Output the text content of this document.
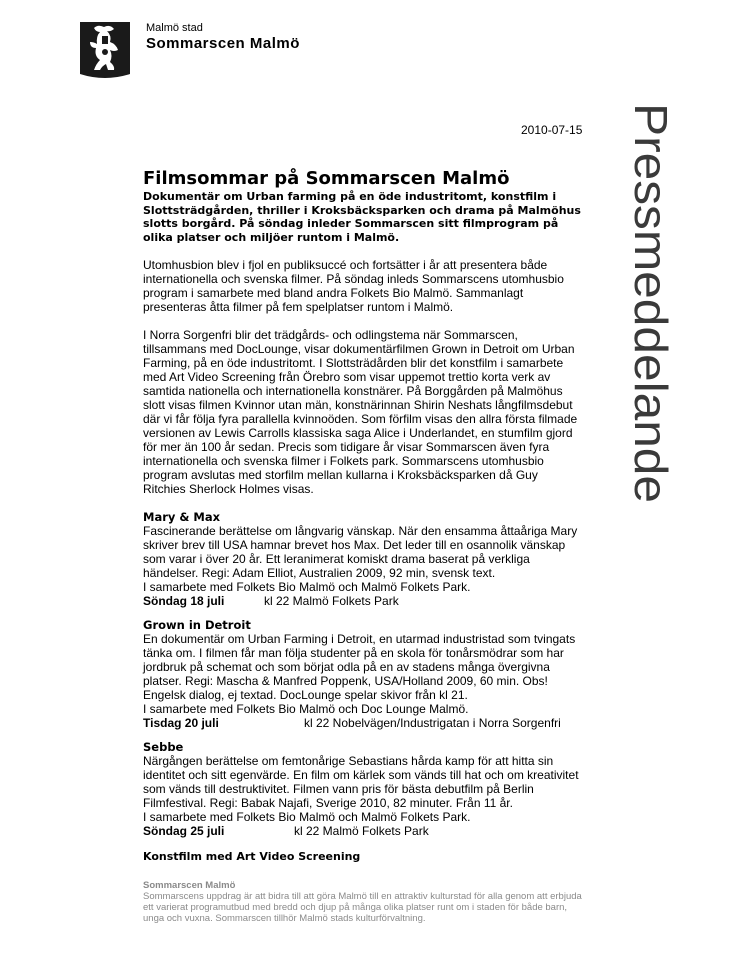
Malmö stad
Sommarscen Malmö
2010-07-15 Pressmeddelande
Filmsommar på Sommarscen Malmö
Dokumentär om Urban farming på en öde industritomt, konstfilm i Slottsträdgården, thriller i Kroksbäcksparken och drama på Malmöhus slotts borgård. På söndag inleder Sommarscen sitt filmprogram på olika platser och miljöer runtom i Malmö.

Utomhusbion blev i fjol en publiksuccé och fortsätter i år att presentera både internationella och svenska filmer. På söndag inleds Sommarscens utomhusbio program i samarbete med bland andra Folkets Bio Malmö. Sammanlagt presenteras åtta filmer på fem spelplatser runtom i Malmö.

I Norra Sorgenfri blir det trädgårds- och odlingstema när Sommarscen, tillsammans med DocLounge, visar dokumentärfilmen Grown in Detroit om Urban Farming, på en öde industritomt. I Slottsträdården blir det konstfilm i samarbete med Art Video Screening från Örebro som visar uppemot trettio korta verk av samtida nationella och internationella konstnärer. På Borggården på Malmöhus slott visas filmen Kvinnor utan män, konstnärinnan Shirin Neshats långfilmsdebut där vi får följa fyra parallella kvinnoöden. Som förfilm visas den allra första filmade versionen av Lewis Carrolls klassiska saga Alice i Underlandet, en stumfilm gjord för mer än 100 år sedan. Precis som tidigare år visar Sommarscen även fyra internationella och svenska filmer i Folkets park. Sommarscens utomhusbio program avslutas med storfilm mellan kullarna i Kroksbäcksparken då Guy Ritchies Sherlock Holmes visas.

Mary & Max

Fascinerande berättelse om långvarig vänskap. När den ensamma åttaåriga Mary skriver brev till USA hamnar brevet hos Max. Det leder till en osannolik vänskap som varar i över 20 år. Ett leranimerat komiskt drama baserat på verkliga händelser. Regi: Adam Elliot, Australien 2009, 92 min, svensk text.

I samarbete med Folkets Bio Malmö och Malmö Folkets Park.

Söndag 18 juli	kl 22 Malmö Folkets Park
Grown in Detroit

En dokumentär om Urban Farming i Detroit, en utarmad industristad som tvingats tänka om. I filmen får man följa studenter på en skola för tonårsmödrar som har jordbruk på schemat och som börjat odla på en av stadens många övergivna platser. Regi: Mascha & Manfred Poppenk, USA/Holland 2009, 60 min. Obs! Engelsk dialog, ej textad. DocLounge spelar skivor från kl 21.

I samarbete med Folkets Bio Malmö och Doc Lounge Malmö.

Tisdag 20 juli	kl 22 Nobelvägen/Industrigatan i Norra Sorgenfri
Sebbe

Närgången berättelse om femtonårige Sebastians hårda kamp för att hitta sin identitet och sitt egenvärde. En film om kärlek som vänds till hat och om kreativitet som vänds till destruktivitet. Filmen vann pris för bästa debutfilm på Berlin Filmfestival. Regi: Babak Najafi, Sverige 2010, 82 minuter. Från 11 år.

I samarbete med Folkets Bio Malmö och Malmö Folkets Park.

Söndag 25 juli	kl 22 Malmö Folkets Park
Konstfilm med Art Video Screening
Sommarscen Malmö
Sommarscens uppdrag är att bidra till att göra Malmö till en attraktiv kulturstad för alla genom att erbjuda ett varierat programutbud med bredd och djup på många olika platser runt om i staden för både barn, unga och vuxna. Sommarscen tillhör Malmö stads kulturförvaltning.
